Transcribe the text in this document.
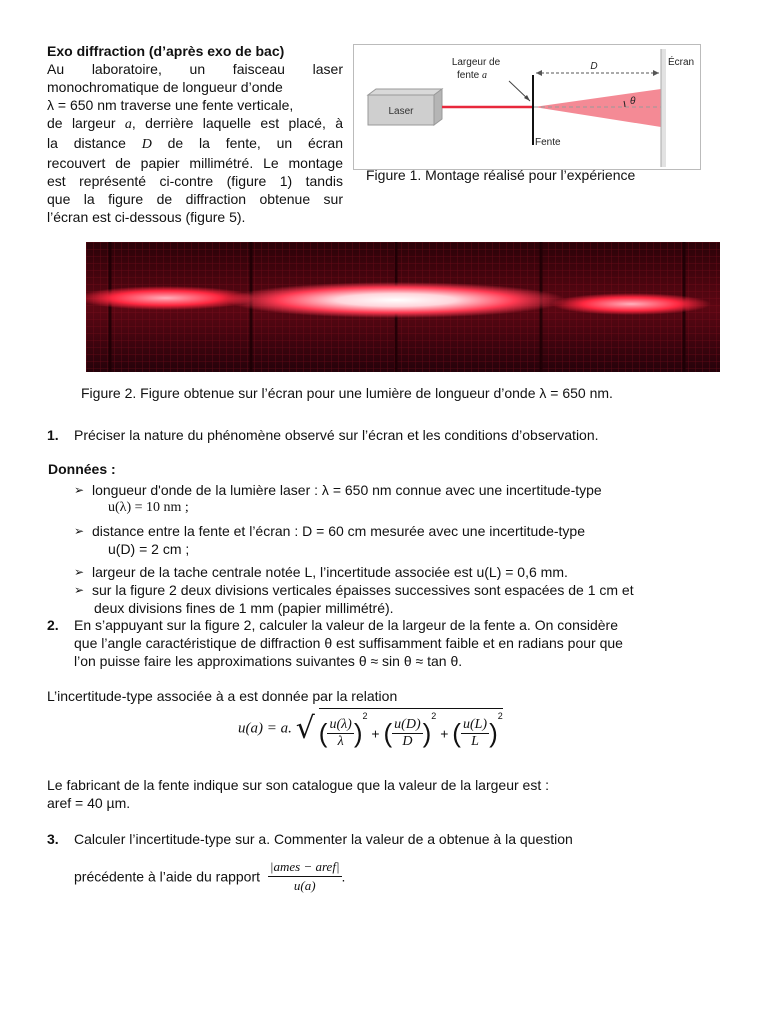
Exo diffraction (d’après exo de bac)
Au laboratoire, un faisceau laser
monochromatique de longueur d’onde
λ = 650 nm traverse une fente verticale,
de largeur a, derrière laquelle est placé, à
la distance D de la fente, un écran
recouvert de papier millimétré. Le montage
est représenté ci-contre (figure 1) tandis
que la figure de diffraction obtenue sur
l’écran est ci-dessous (figure 5).
Laser
D
Largeur de
fente a
Écran
θ
Fente
Figure 1. Montage réalisé pour l’expérience
Figure 2. Figure obtenue sur l’écran pour une lumière de longueur d’onde λ = 650 nm.
1. Préciser la nature du phénomène observé sur l’écran et les conditions d’observation.
Données :
➢ longueur d'onde de la lumière laser : λ = 650 nm connue avec une incertitude-type
u(λ) = 10 nm ;
➢ distance entre la fente et l’écran : D = 60 cm mesurée avec une incertitude-type
u(D) = 2 cm ;
➢ largeur de la tache centrale notée L, l’incertitude associée est u(L) = 0,6 mm.
➢ sur la figure 2 deux divisions verticales épaisses successives sont espacées de 1 cm et
deux divisions fines de 1 mm (papier millimétré).
2. En s’appuyant sur la figure 2, calculer la valeur de la largeur de la fente a. On considère
que l’angle caractéristique de diffraction θ est suffisamment faible et en radians pour que
l’on puisse faire les approximations suivantes θ ≈ sin θ ≈ tan θ.
L’incertitude-type associée à a est donnée par la relation
u(a) = a. √ ( $\frac{u(\lambda)}{\lambda} )^2$ + ( $\frac{u(D)}{D} )^2$ + ( $\frac{u(L)}{L} )^2$
Le fabricant de la fente indique sur son catalogue que la valeur de la largeur est :
aref = 40 µm.
3. Calculer l’incertitude-type sur a. Commenter la valeur de a obtenue à la question
précédente à l’aide du rapport $\frac{\text{|ames − aref|}}{u(a)}$ .
